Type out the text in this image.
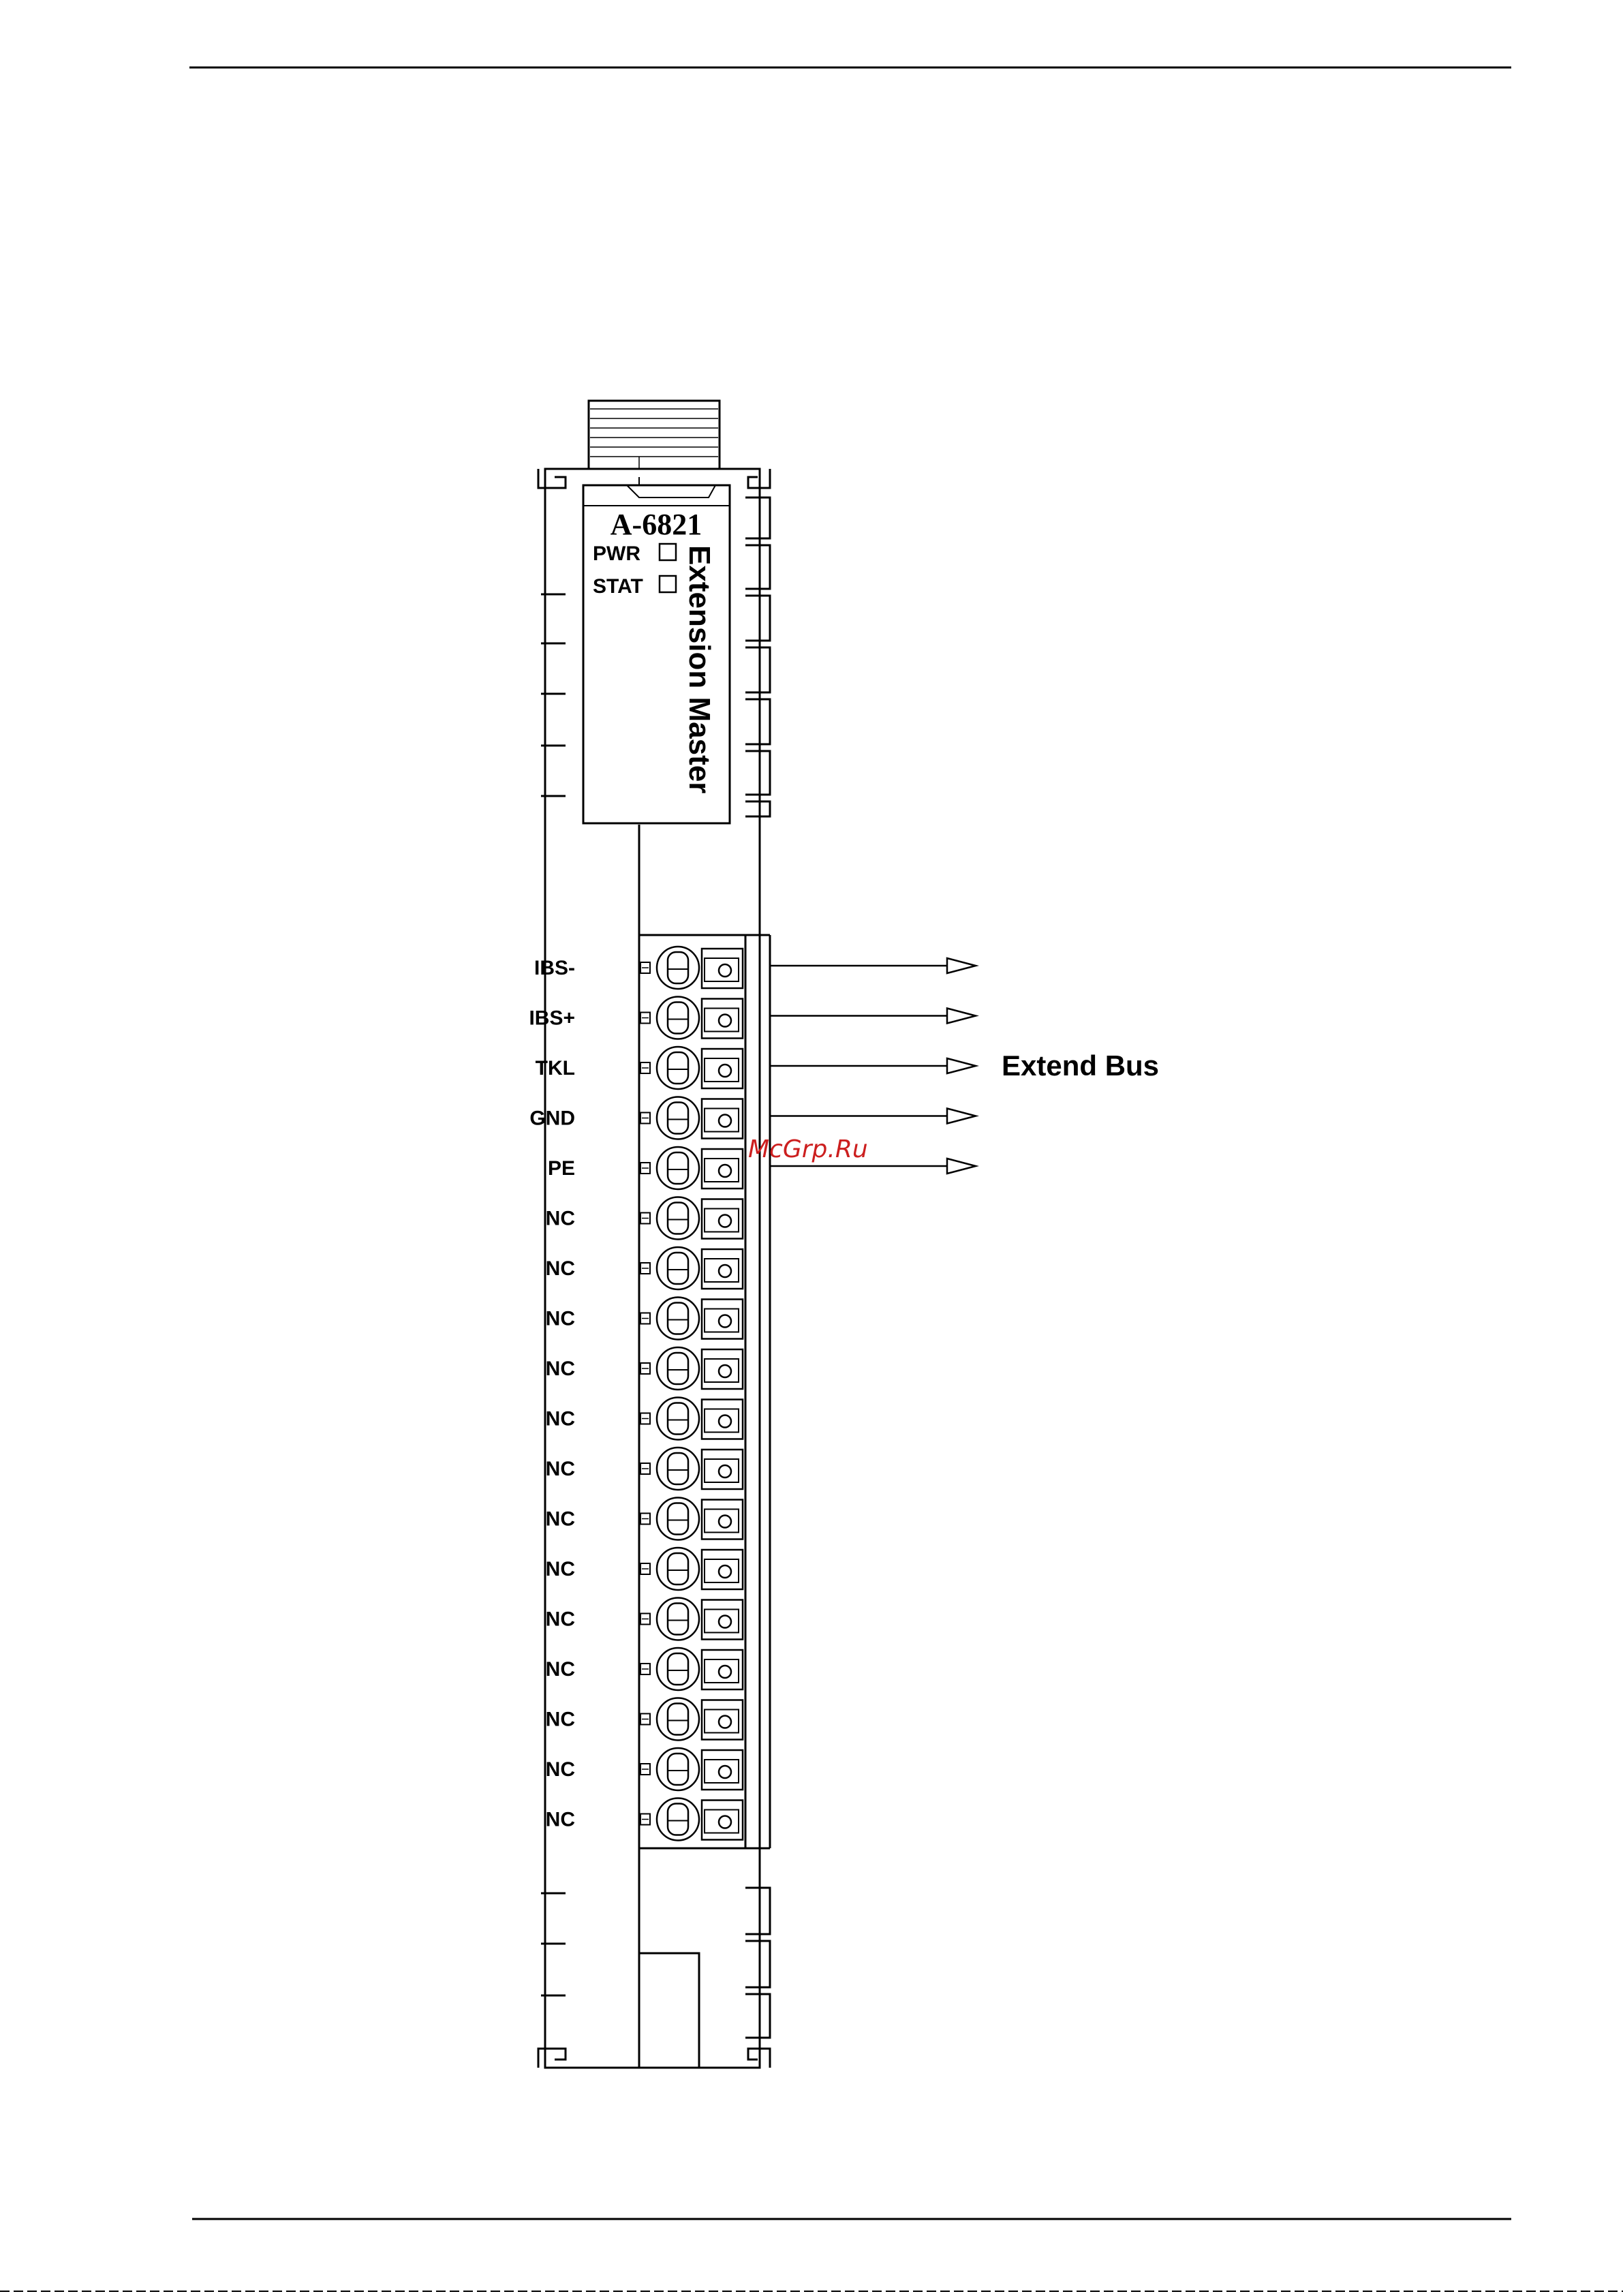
A-6821
PWR
STAT Extension Master
IBS-
IBS+
TKL
GND
PE
NC
NC
NC
NC
NC
NC
NC
NC
NC
NC
NC
NC
NC
Extend Bus
McGrp.Ru
